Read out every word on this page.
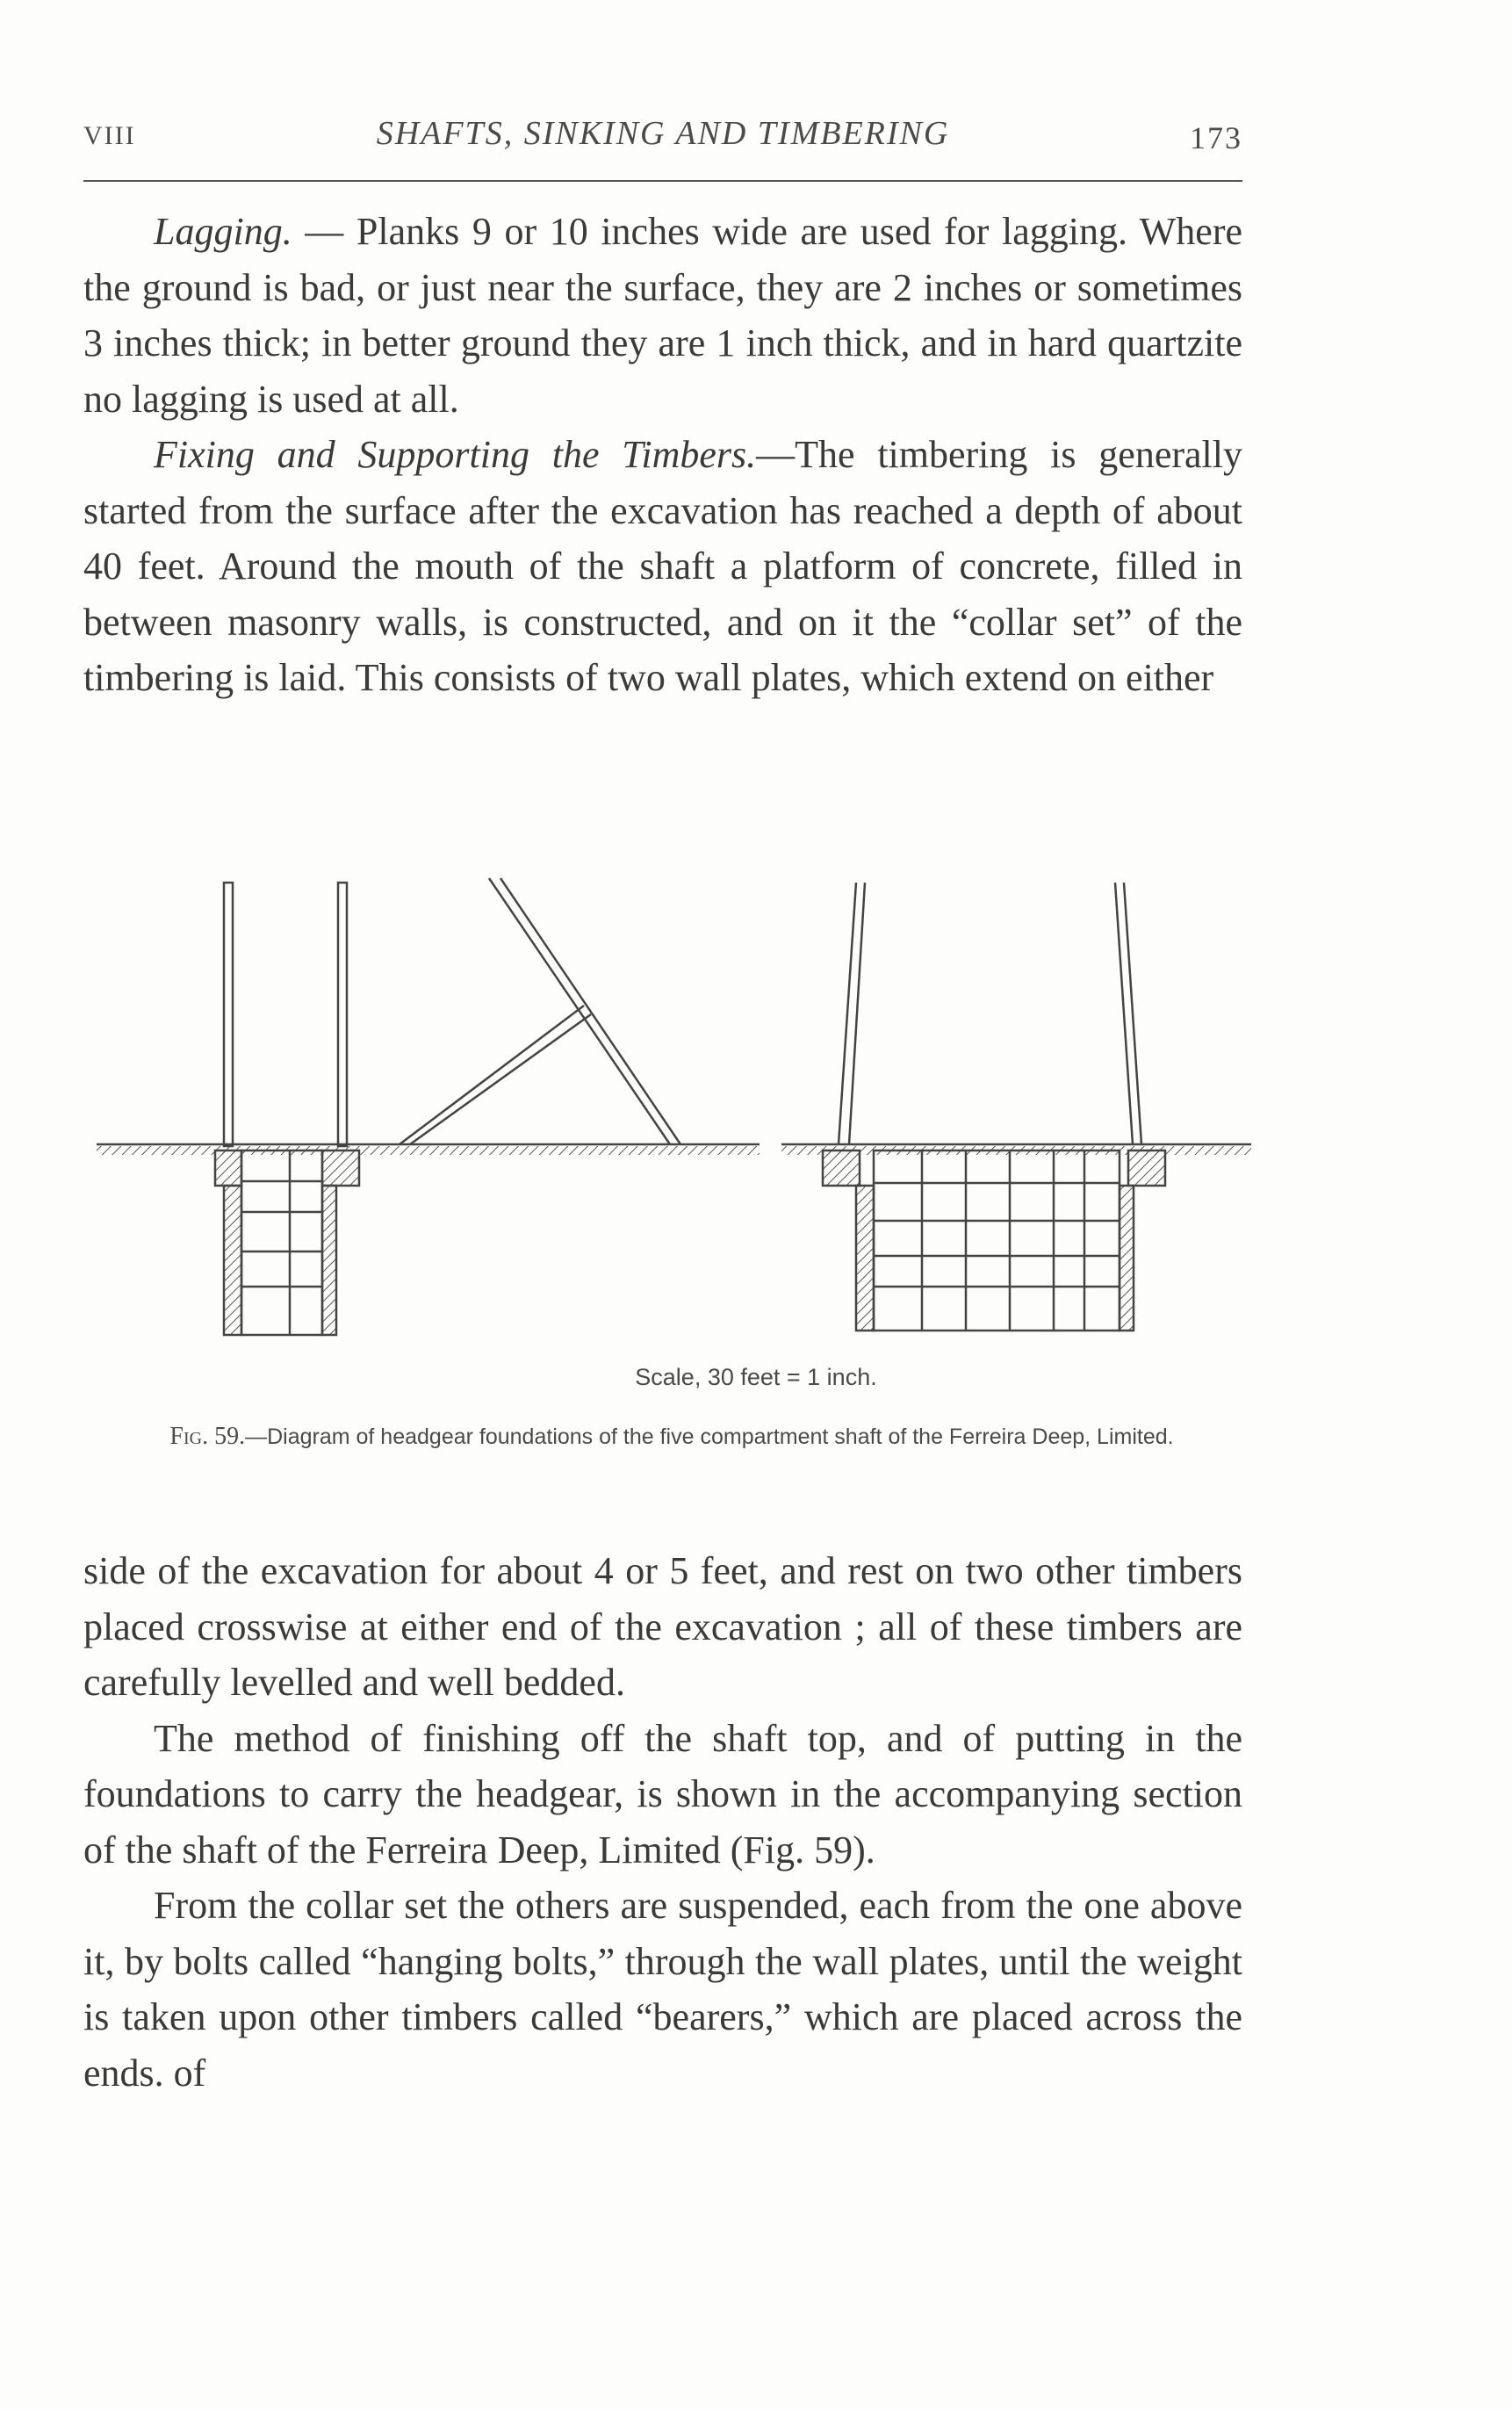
VIII	SHAFTS, SINKING AND TIMBERING	173

Lagging. — Planks 9 or 10 inches wide are used for lagging. Where the ground is bad, or just near the surface, they are 2 inches or sometimes 3 inches thick; in better ground they are 1 inch thick, and in hard quartzite no lagging is used at all.

Fixing and Supporting the Timbers.—The timbering is generally started from the surface after the excavation has reached a depth of about 40 feet. Around the mouth of the shaft a platform of concrete, filled in between masonry walls, is constructed, and on it the “collar set” of the timbering is laid. This consists of two wall plates, which extend on either

Scale, 30 feet = 1 inch.
Fig. 59.—Diagram of headgear foundations of the five compartment shaft of the Ferreira Deep, Limited.

side of the excavation for about 4 or 5 feet, and rest on two other timbers placed crosswise at either end of the excavation ; all of these timbers are carefully levelled and well bedded.

The method of finishing off the shaft top, and of putting in the foundations to carry the headgear, is shown in the accompanying section of the shaft of the Ferreira Deep, Limited (Fig. 59).

From the collar set the others are suspended, each from the one above it, by bolts called “hanging bolts,” through the wall plates, until the weight is taken upon other timbers called “bearers,” which are placed across the ends. of
